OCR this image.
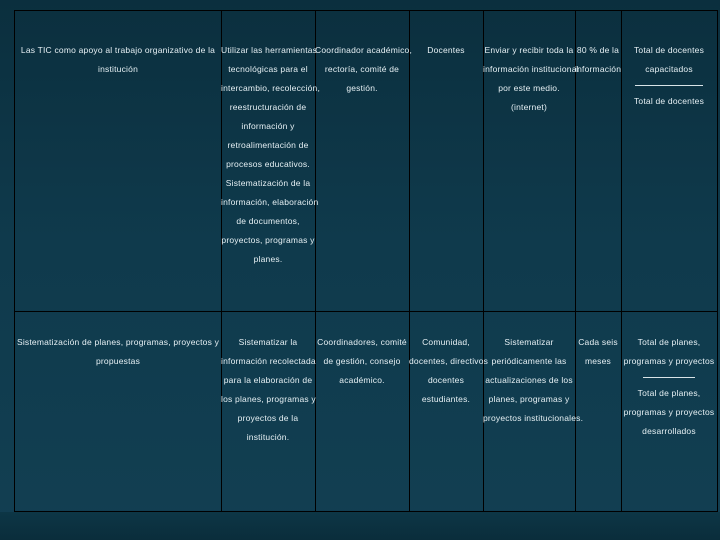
Las TIC como apoyo al trabajo organizativo de la
institución
Utilizar las herramientas
tecnológicas para el
intercambio, recolección,
reestructuración de
información y
retroalimentación de
procesos educativos.
Sistematización de la
información, elaboración
de documentos,
proyectos, programas y
planes.
Coordinador académico,
rectoría, comité de
gestión.
Docentes	Enviar y recibir toda la
información institucional
por este medio.
(internet)
80 % de la
información
Total de docentes
capacitados
Total de docentes
Sistematización de planes, programas, proyectos y
propuestas
Sistematizar la
información recolectada
para la elaboración de
los planes, programas y
proyectos de la
institución.
Coordinadores, comité
de gestión, consejo
académico.
Comunidad,
docentes, directivos
docentes
estudiantes.
Sistematizar
periódicamente las
actualizaciones de los
planes, programas y
proyectos institucionales.
Cada seis
meses
Total de planes,
programas y proyectos
Total de planes,
programas y proyectos
desarrollados
